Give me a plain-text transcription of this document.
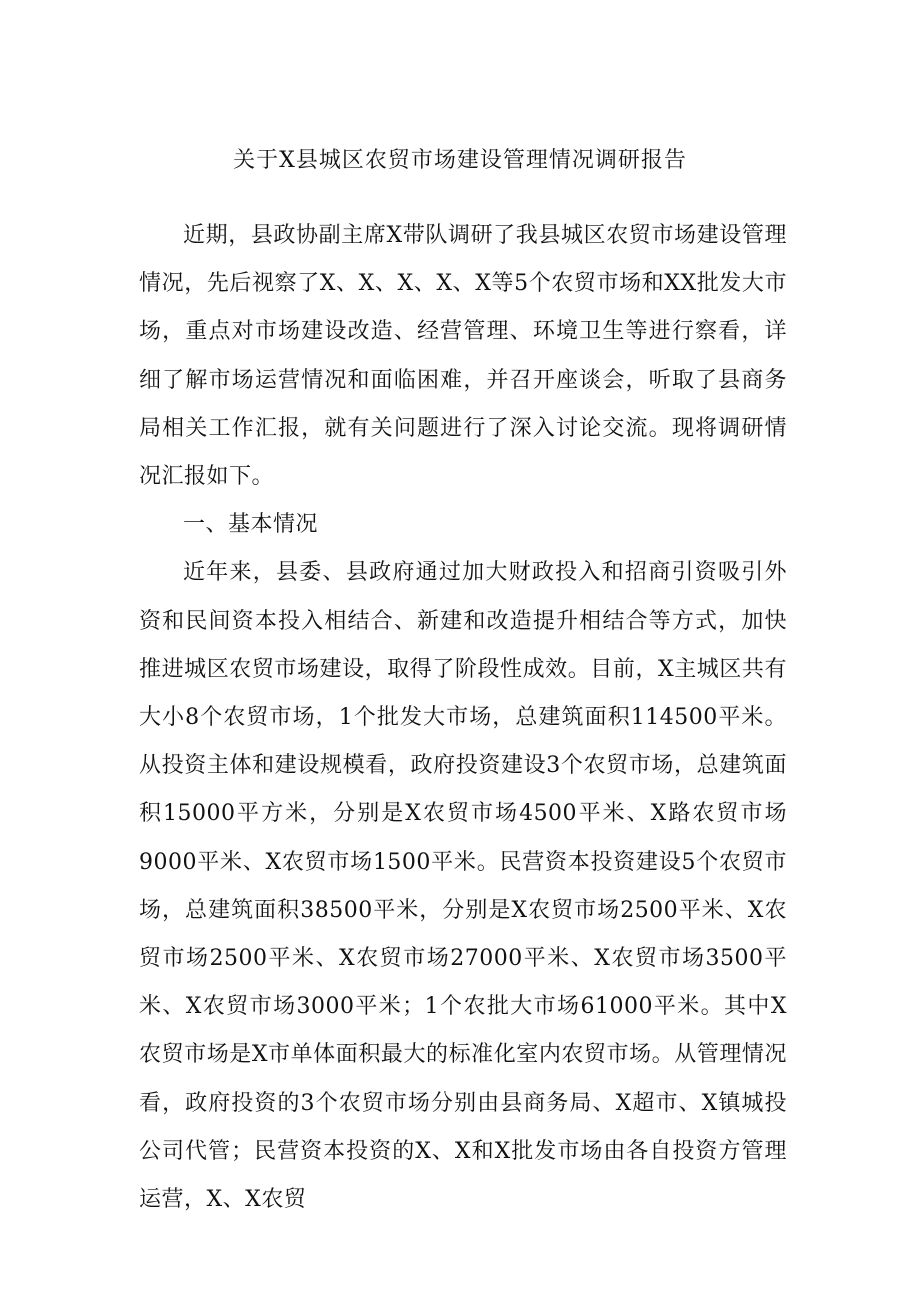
关于X县城区农贸市场建设管理情况调研报告

近期，县政协副主席X带队调研了我县城区农贸市场建设管理情况，先后视察了X、X、X、X、X等5个农贸市场和XX批发大市场，重点对市场建设改造、经营管理、环境卫生等进行察看，详细了解市场运营情况和面临困难，并召开座谈会，听取了县商务局相关工作汇报，就有关问题进行了深入讨论交流。现将调研情况汇报如下。

一、基本情况

近年来，县委、县政府通过加大财政投入和招商引资吸引外资和民间资本投入相结合、新建和改造提升相结合等方式，加快推进城区农贸市场建设，取得了阶段性成效。目前，X主城区共有大小8个农贸市场，1个批发大市场，总建筑面积114500平米。从投资主体和建设规模看，政府投资建设3个农贸市场，总建筑面积15000平方米，分别是X农贸市场4500平米、X路农贸市场9000平米、X农贸市场1500平米。民营资本投资建设5个农贸市场，总建筑面积38500平米，分别是X农贸市场2500平米、X农贸市场2500平米、X农贸市场27000平米、X农贸市场3500平米、X农贸市场3000平米；1个农批大市场61000平米。其中X农贸市场是X市单体面积最大的标准化室内农贸市场。从管理情况看，政府投资的3个农贸市场分别由县商务局、X超市、X镇城投公司代管；民营资本投资的X、X和X批发市场由各自投资方管理运营，X、X农贸
